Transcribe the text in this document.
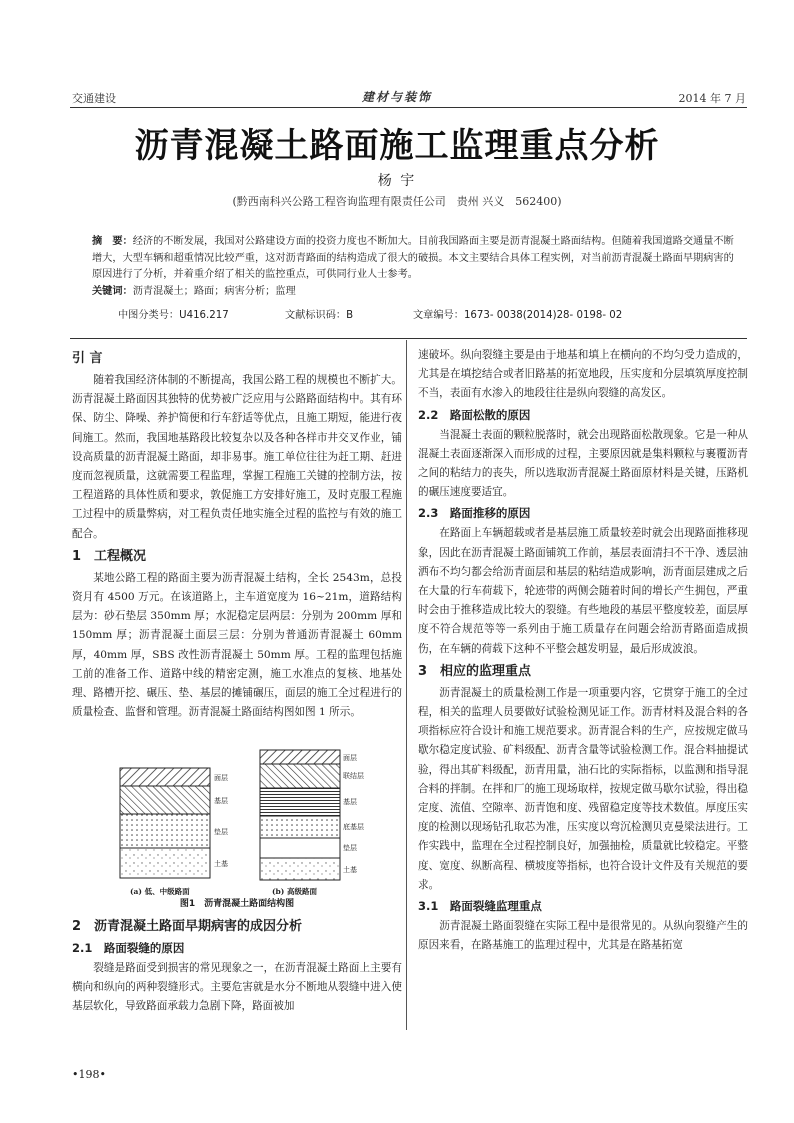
交通建设	建材与装饰	2014 年 7 月
沥青混凝土路面施工监理重点分析
杨 宇
(黔西南科兴公路工程咨询监理有限责任公司　贵州 兴义　562400)
摘　要：经济的不断发展，我国对公路建设方面的投资力度也不断加大。目前我国路面主要是沥青混凝土路面结构。但随着我国道路交通量不断增大，大型车辆和超重情况比较严重，这对沥青路面的结构造成了很大的破损。本文主要结合具体工程实例，对当前沥青混凝土路面早期病害的原因进行了分析，并着重介绍了相关的监控重点，可供同行业人士参考。
关键词：沥青混凝土；路面；病害分析；监理
中图分类号：U416.217	文献标识码：B	文章编号：1673- 0038(2014)28- 0198- 02
引 言

随着我国经济体制的不断提高，我国公路工程的规模也不断扩大。沥青混凝土路面因其独特的优势被广泛应用与公路路面结构中。其有环保、防尘、降噪、养护简便和行车舒适等优点，且施工期短，能进行夜间施工。然而，我国地基路段比较复杂以及各种各样市井交叉作业，铺设高质量的沥青混凝土路面，却非易事。施工单位往往为赶工期、赶进度而忽视质量，这就需要工程监理，掌握工程施工关键的控制方法，按工程道路的具体性质和要求，敦促施工方安排好施工，及时克服工程施工过程中的质量弊病，对工程负责任地实施全过程的监控与有效的施工配合。

1　工程概况

某地公路工程的路面主要为沥青混凝土结构，全长 2543m，总投资月有 4500 万元。在该道路上，主车道宽度为 16~21m，道路结构层为：砂石垫层 350mm 厚；水泥稳定层两层：分别为 200mm 厚和 150mm 厚；沥青混凝土面层三层：分别为普通沥青混凝土 60mm 厚，40mm 厚，SBS 改性沥青混凝土 50mm 厚。工程的监理包括施工前的准备工作、道路中线的精密定测，施工水准点的复核、地基处理、路槽开挖、碾压、垫、基层的摊铺碾压，面层的施工全过程进行的质量检查、监督和管理。沥青混凝土路面结构图如图 1 所示。

面层
基层
垫层
土基
(a) 低、中级路面
面层
联结层
基层
底基层
垫层
土基
(b) 高级路面
图1　沥青混凝土路面结构图
2　沥青混凝土路面早期病害的成因分析
2.1　路面裂缝的原因

裂缝是路面受到损害的常见现象之一，在沥青混凝土路面上主要有横向和纵向的两种裂缝形式。主要危害就是水分不断地从裂缝中进入使基层软化，导致路面承载力急剧下降，路面被加

速破坏。纵向裂缝主要是由于地基和填上在横向的不均匀受力造成的，尤其是在填挖结合或者旧路基的拓宽地段，压实度和分层填筑厚度控制不当，表面有水渗入的地段往往是纵向裂缝的高发区。

2.2　路面松散的原因

当混凝土表面的颗粒脱落时，就会出现路面松散现象。它是一种从混凝土表面逐渐深入而形成的过程，主要原因就是集料颗粒与裹覆沥青之间的粘结力的丧失，所以选取沥青混凝土路面原材料是关键，压路机的碾压速度要适宜。

2.3　路面推移的原因

在路面上车辆超载或者是基层施工质量较差时就会出现路面推移现象，因此在沥青混凝土路面铺筑工作前，基层表面清扫不干净、透层油洒布不均匀都会给沥青面层和基层的粘结造成影响，沥青面层建成之后在大量的行车荷载下，轮迹带的两侧会随着时间的增长产生拥包，严重时会由于推移造成比较大的裂缝。有些地段的基层平整度较差，面层厚度不符合规范等等一系列由于施工质量存在问题会给沥青路面造成损伤，在车辆的荷载下这种不平整会越发明显，最后形成波浪。

3　相应的监理重点

沥青混凝土的质量检测工作是一项重要内容，它贯穿于施工的全过程，相关的监理人员要做好试验检测见证工作。沥青材料及混合料的各项指标应符合设计和施工规范要求。沥青混合料的生产，应按规定做马歇尔稳定度试验、矿料级配、沥青含量等试验检测工作。混合料抽提试验，得出其矿料级配，沥青用量，油石比的实际指标，以监测和指导混合料的拌制。在拌和厂的施工现场取样，按规定做马歇尔试验，得出稳定度、流值、空隙率、沥青饱和度、残留稳定度等技术数值。厚度压实度的检测以现场钻孔取芯为准，压实度以弯沉检测贝克曼梁法进行。工作实践中，监理在全过程控制良好，加强抽检，质量就比较稳定。平整度、宽度、纵断高程、横坡度等指标，也符合设计文件及有关规范的要求。

3.1　路面裂缝监理重点

沥青混凝土路面裂缝在实际工程中是很常见的。从纵向裂缝产生的原因来看，在路基施工的监理过程中，尤其是在路基拓宽

•198•
